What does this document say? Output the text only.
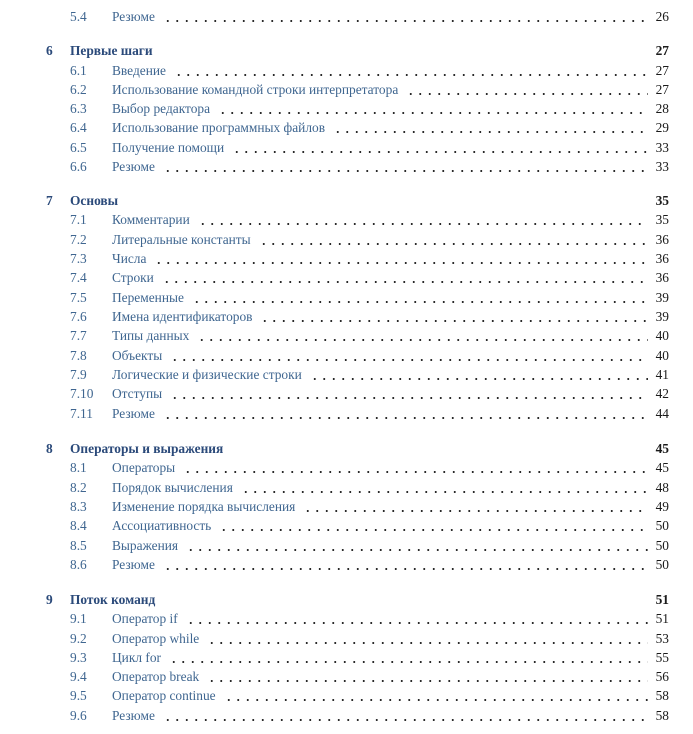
5.4 Резюме	26
6 Первые шаги	27
6.1 Введение	27
6.2 Использование командной строки интерпретатора	27
6.3 Выбор редактора	28
6.4 Использование программных файлов	29
6.5 Получение помощи	33
6.6 Резюме	33
7 Основы	35
7.1 Комментарии	35
7.2 Литеральные константы	36
7.3 Числа	36
7.4 Строки	36
7.5 Переменные	39
7.6 Имена идентификаторов	39
7.7 Типы данных	40
7.8 Объекты	40
7.9 Логические и физические строки	41
7.10 Отступы	42
7.11 Резюме	44
8 Операторы и выражения	45
8.1 Операторы	45
8.2 Порядок вычисления	48
8.3 Изменение порядка вычисления	49
8.4 Ассоциативность	50
8.5 Выражения	50
8.6 Резюме	50
9 Поток команд	51
9.1 Оператор if	51
9.2 Оператор while	53
9.3 Цикл for	55
9.4 Оператор break	56
9.5 Оператор continue	58
9.6 Резюме	58
